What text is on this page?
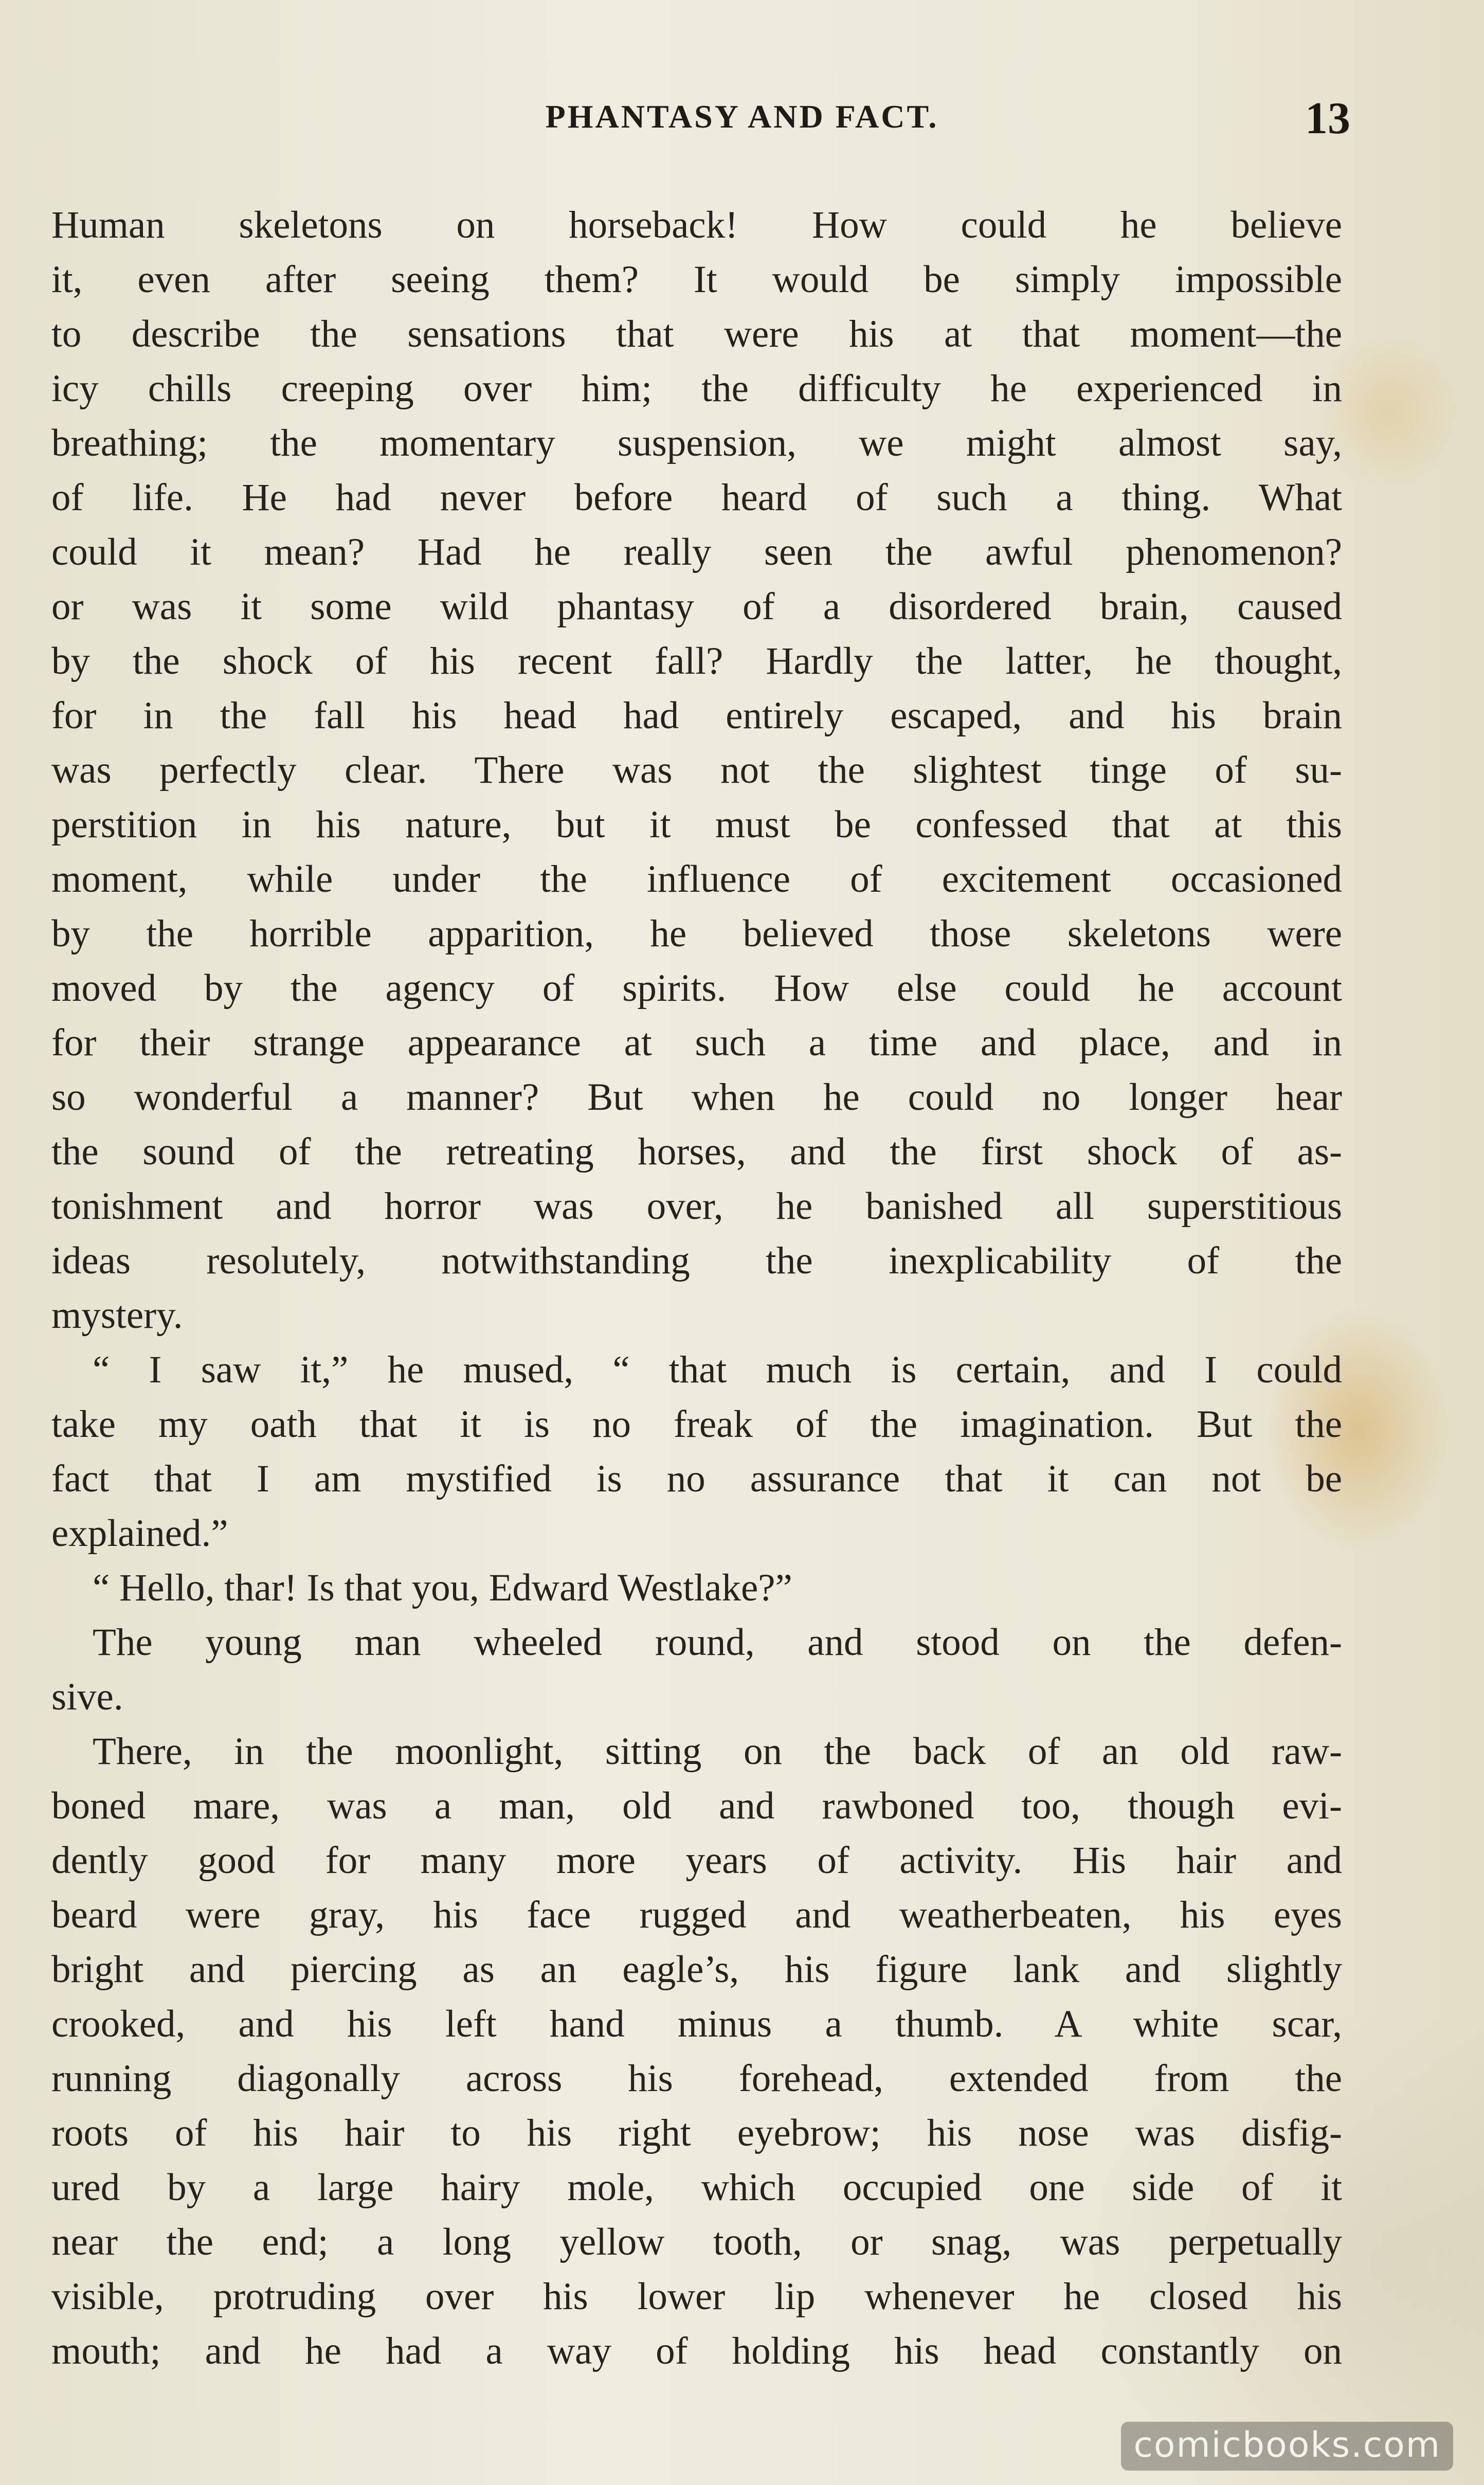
PHANTASY AND FACT.	13
Human skeletons on horseback! How could he believe
it, even after seeing them? It would be simply impossible
to describe the sensations that were his at that moment—the
icy chills creeping over him; the difficulty he experienced in
breathing; the momentary suspension, we might almost say,
of life. He had never before heard of such a thing. What
could it mean? Had he really seen the awful phenomenon?
or was it some wild phantasy of a disordered brain, caused
by the shock of his recent fall? Hardly the latter, he thought,
for in the fall his head had entirely escaped, and his brain
was perfectly clear. There was not the slightest tinge of su-
perstition in his nature, but it must be confessed that at this
moment, while under the influence of excitement occasioned
by the horrible apparition, he believed those skeletons were
moved by the agency of spirits. How else could he account
for their strange appearance at such a time and place, and in
so wonderful a manner? But when he could no longer hear
the sound of the retreating horses, and the first shock of as-
tonishment and horror was over, he banished all superstitious
ideas resolutely, notwithstanding the inexplicability of the
mystery.
“ I saw it,” he mused, “ that much is certain, and I could
take my oath that it is no freak of the imagination. But the
fact that I am mystified is no assurance that it can not be
explained.”
“ Hello, thar! Is that you, Edward Westlake?”
The young man wheeled round, and stood on the defen-
sive.
There, in the moonlight, sitting on the back of an old raw-
boned mare, was a man, old and rawboned too, though evi-
dently good for many more years of activity. His hair and
beard were gray, his face rugged and weatherbeaten, his eyes
bright and piercing as an eagle’s, his figure lank and slightly
crooked, and his left hand minus a thumb. A white scar,
running diagonally across his forehead, extended from the
roots of his hair to his right eyebrow; his nose was disfig-
ured by a large hairy mole, which occupied one side of it
near the end; a long yellow tooth, or snag, was perpetually
visible, protruding over his lower lip whenever he closed his
mouth; and he had a way of holding his head constantly on
comicbooks.com
